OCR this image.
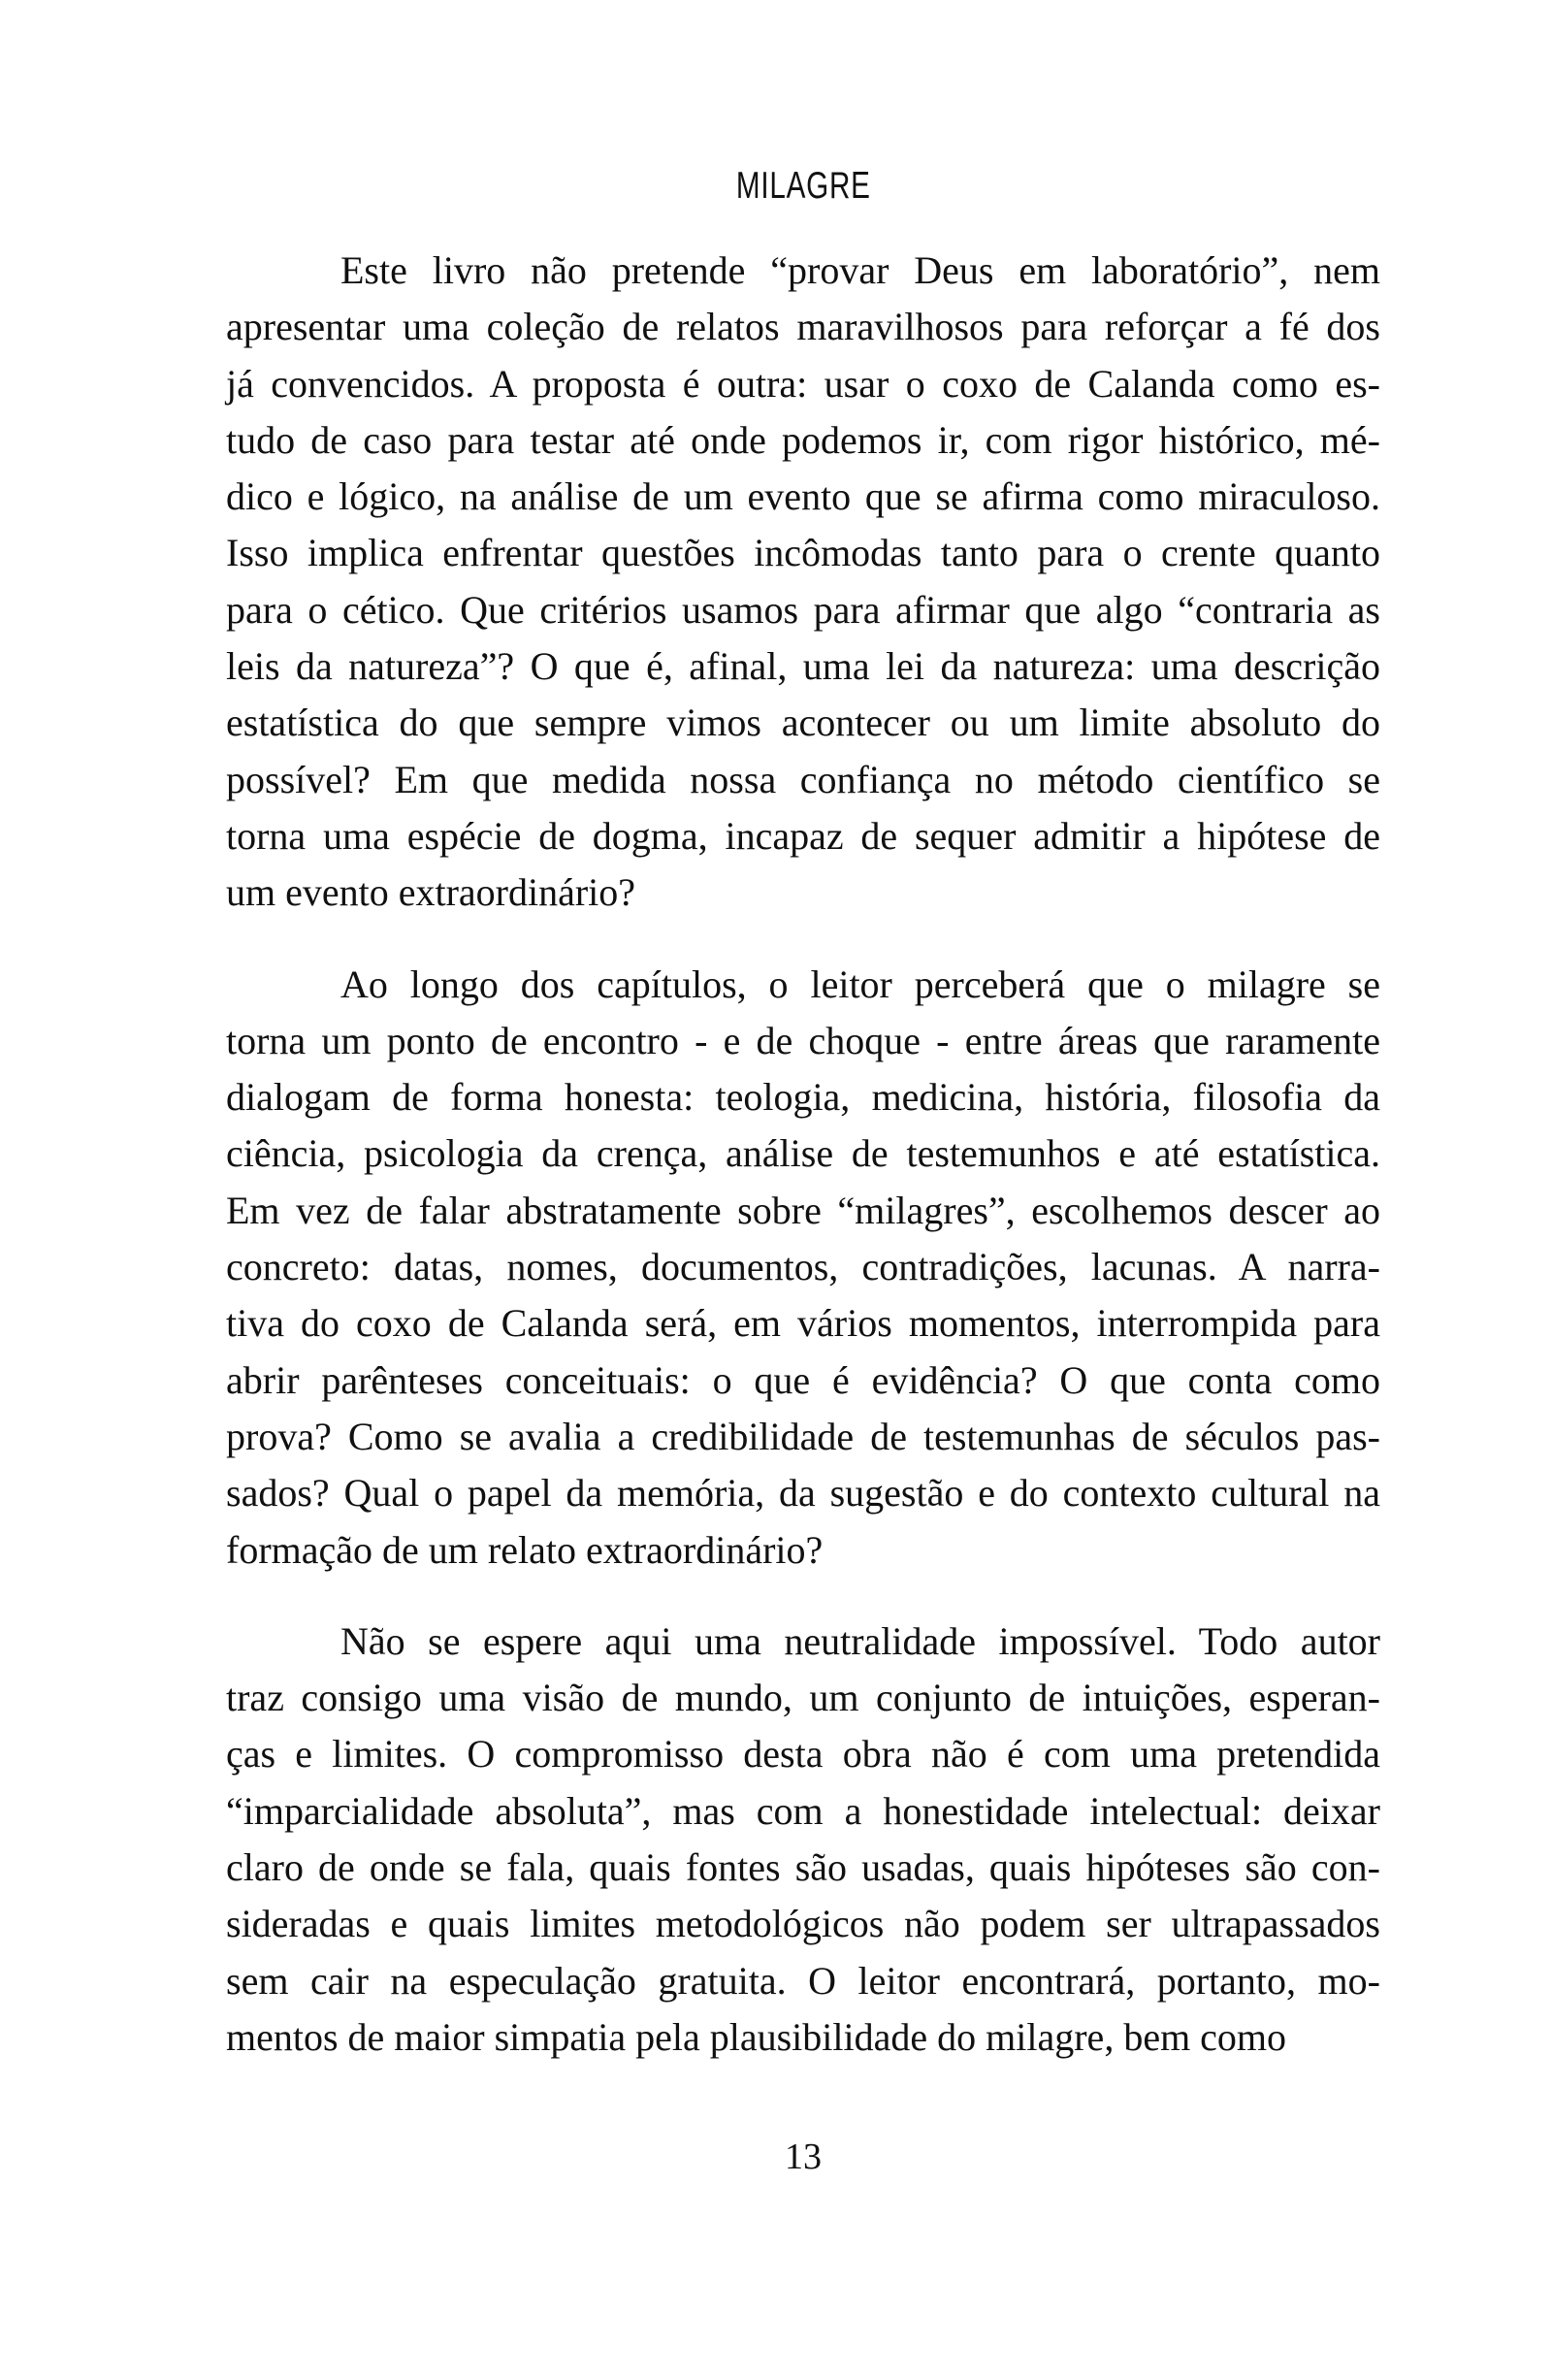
MILAGRE
Este livro não pretende “provar Deus em laboratório”, nem
apresentar uma coleção de relatos maravilhosos para reforçar a fé dos
já convencidos. A proposta é outra: usar o coxo de Calanda como es-
tudo de caso para testar até onde podemos ir, com rigor histórico, mé-
dico e lógico, na análise de um evento que se afirma como miraculoso.
Isso implica enfrentar questões incômodas tanto para o crente quanto
para o cético. Que critérios usamos para afirmar que algo “contraria as
leis da natureza”? O que é, afinal, uma lei da natureza: uma descrição
estatística do que sempre vimos acontecer ou um limite absoluto do
possível? Em que medida nossa confiança no método científico se
torna uma espécie de dogma, incapaz de sequer admitir a hipótese de
um evento extraordinário?
Ao longo dos capítulos, o leitor perceberá que o milagre se
torna um ponto de encontro - e de choque - entre áreas que raramente
dialogam de forma honesta: teologia, medicina, história, filosofia da
ciência, psicologia da crença, análise de testemunhos e até estatística.
Em vez de falar abstratamente sobre “milagres”, escolhemos descer ao
concreto: datas, nomes, documentos, contradições, lacunas. A narra-
tiva do coxo de Calanda será, em vários momentos, interrompida para
abrir parênteses conceituais: o que é evidência? O que conta como
prova? Como se avalia a credibilidade de testemunhas de séculos pas-
sados? Qual o papel da memória, da sugestão e do contexto cultural na
formação de um relato extraordinário?
Não se espere aqui uma neutralidade impossível. Todo autor
traz consigo uma visão de mundo, um conjunto de intuições, esperan-
ças e limites. O compromisso desta obra não é com uma pretendida
“imparcialidade absoluta”, mas com a honestidade intelectual: deixar
claro de onde se fala, quais fontes são usadas, quais hipóteses são con-
sideradas e quais limites metodológicos não podem ser ultrapassados
sem cair na especulação gratuita. O leitor encontrará, portanto, mo-
mentos de maior simpatia pela plausibilidade do milagre, bem como
13
